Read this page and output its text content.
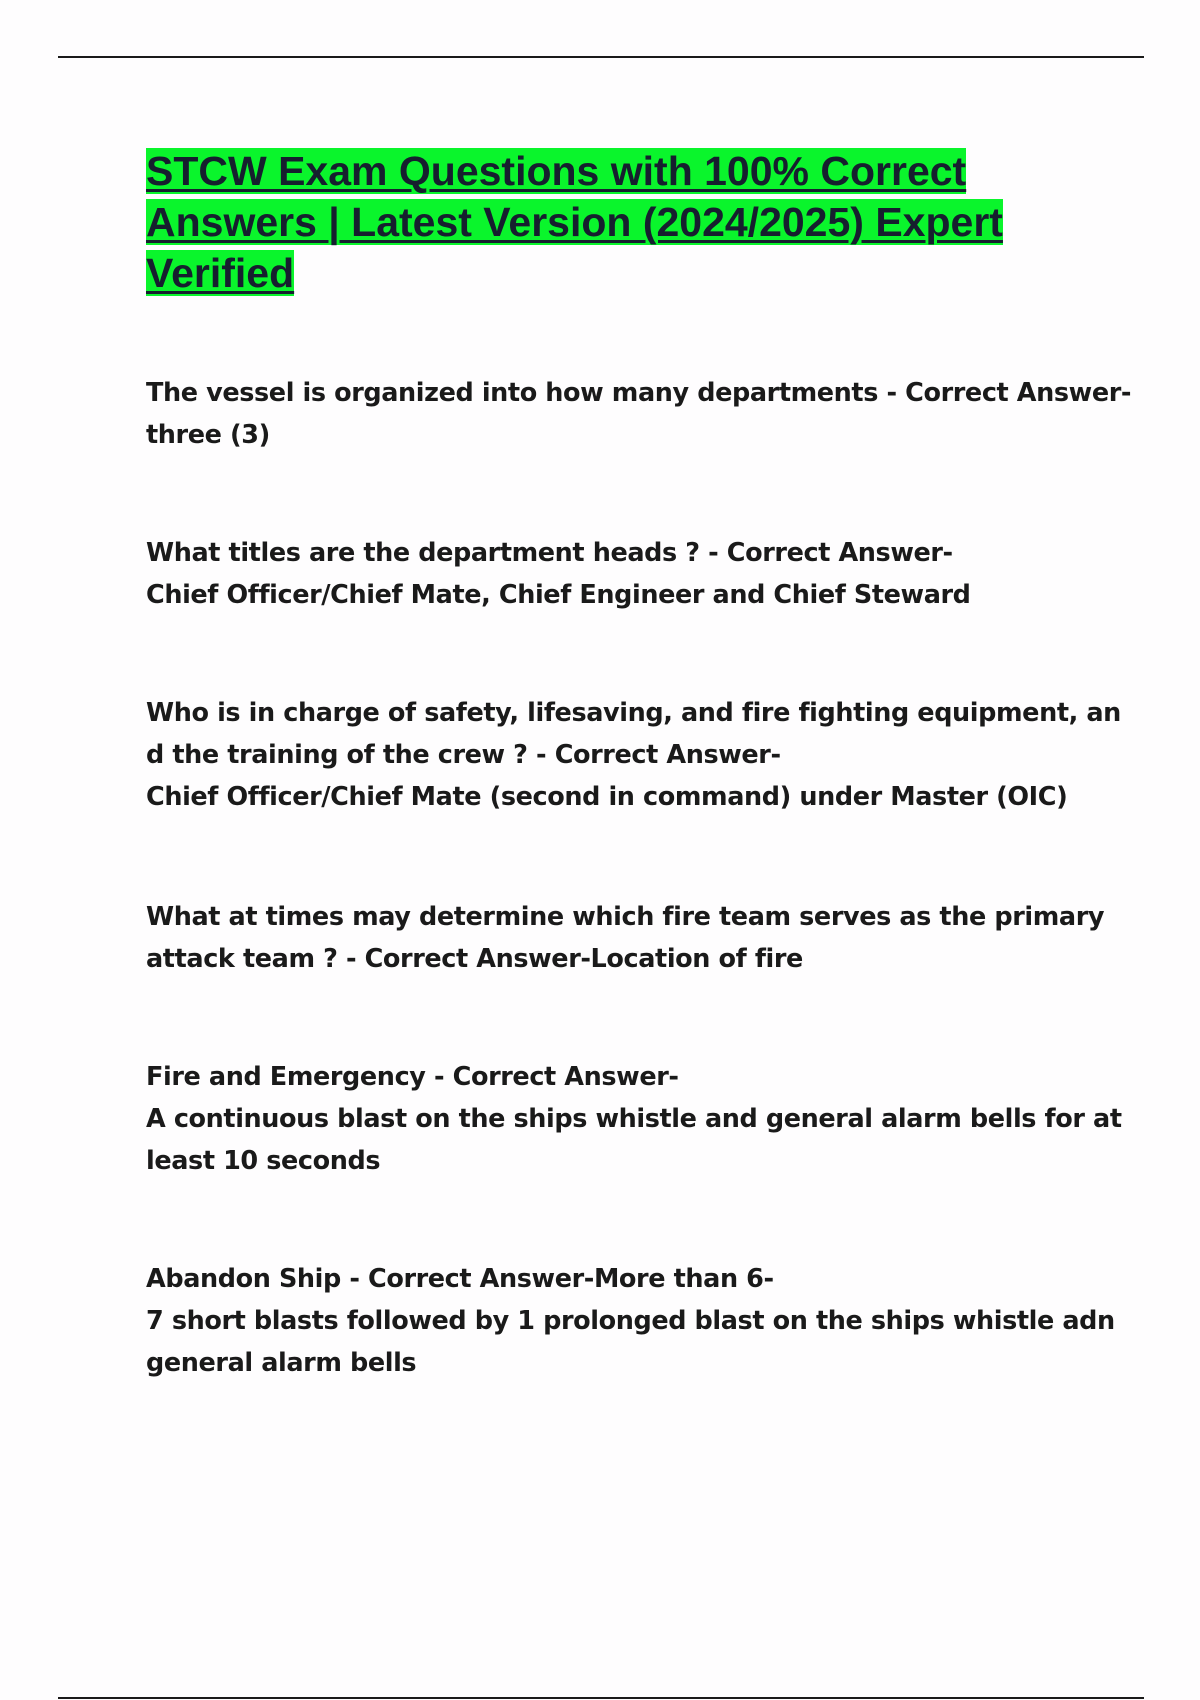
STCW Exam Questions with 100% Correct
Answers | Latest Version (2024/2025) Expert
Verified
The vessel is organized into how many departments - Correct Answer-
three (3)
What titles are the department heads ? - Correct Answer-
Chief Officer/Chief Mate, Chief Engineer and Chief Steward
Who is in charge of safety, lifesaving, and fire fighting equipment, an
d the training of the crew ? - Correct Answer-
Chief Officer/Chief Mate (second in command) under Master (OIC)
What at times may determine which fire team serves as the primary
attack team ? - Correct Answer-Location of fire
Fire and Emergency - Correct Answer-
A continuous blast on the ships whistle and general alarm bells for at
least 10 seconds
Abandon Ship - Correct Answer-More than 6-
7 short blasts followed by 1 prolonged blast on the ships whistle adn
general alarm bells
